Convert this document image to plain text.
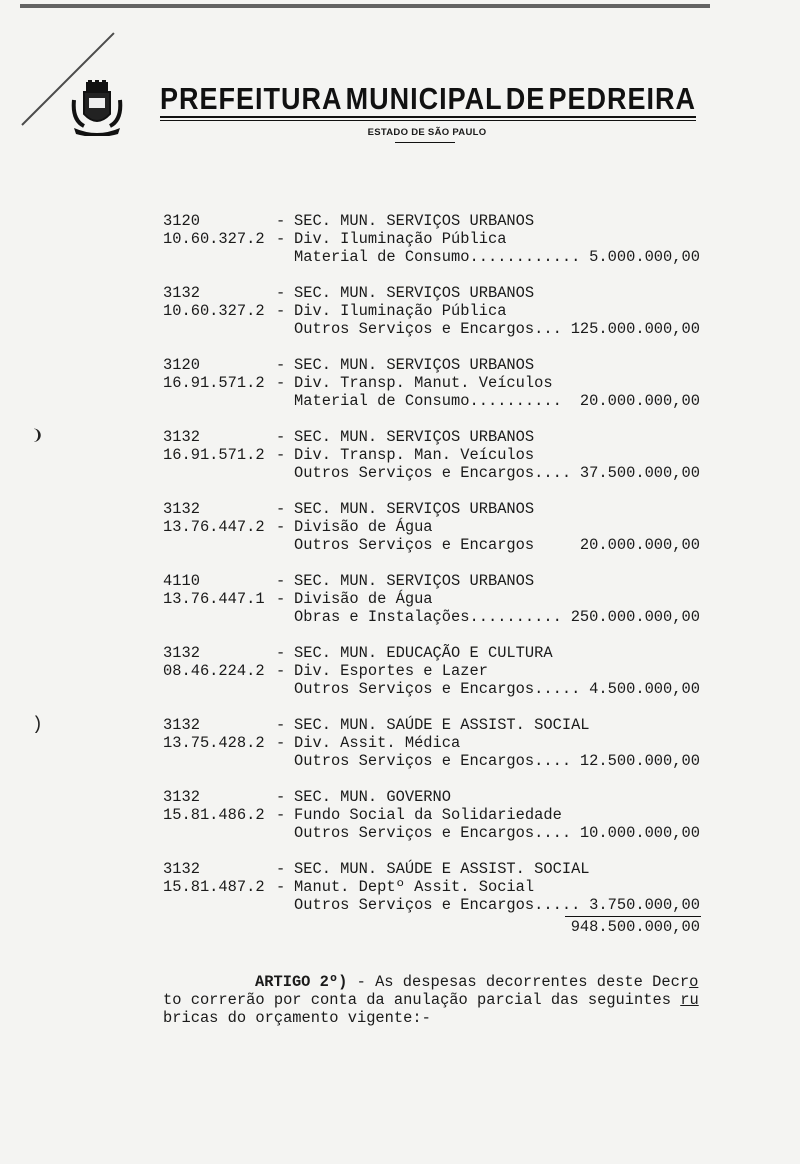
PREFEITURA MUNICIPAL DE PEDREIRA
ESTADO DE SÃO PAULO
3120	- SEC. MUN. SERVIÇOS URBANOS
10.60.327.2 - Div. Iluminação Pública
Material de Consumo............ 5.000.000,00
3132	- SEC. MUN. SERVIÇOS URBANOS
10.60.327.2 - Div. Iluminação Pública
Outros Serviços e Encargos... 125.000.000,00
3120	- SEC. MUN. SERVIÇOS URBANOS
16.91.571.2 - Div. Transp. Manut. Veículos
Material de Consumo.......... 20.000.000,00
3132	- SEC. MUN. SERVIÇOS URBANOS
16.91.571.2 - Div. Transp. Man. Veículos
Outros Serviços e Encargos.... 37.500.000,00
3132	- SEC. MUN. SERVIÇOS URBANOS
13.76.447.2 - Divisão de Água
Outros Serviços e Encargos	20.000.000,00
4110	- SEC. MUN. SERVIÇOS URBANOS
13.76.447.1 - Divisão de Água
Obras e Instalações.......... 250.000.000,00
3132	- SEC. MUN. EDUCAÇÃO E CULTURA
08.46.224.2 - Div. Esportes e Lazer
Outros Serviços e Encargos..... 4.500.000,00
3132	- SEC. MUN. SAÚDE E ASSIST. SOCIAL
13.75.428.2 - Div. Assit. Médica
Outros Serviços e Encargos.... 12.500.000,00
3132	- SEC. MUN. GOVERNO
15.81.486.2 - Fundo Social da Solidariedade
Outros Serviços e Encargos.... 10.000.000,00
3132	- SEC. MUN. SAÚDE E ASSIST. SOCIAL
15.81.487.2 - Manut. Deptº Assit. Social
Outros Serviços e Encargos..... 3.750.000,00
948.500.000,00
ARTIGO 2º) - As despesas decorrentes deste Decro
to correrão por conta da anulação parcial das seguintes ru
bricas do orçamento vigente:-
❩
)
